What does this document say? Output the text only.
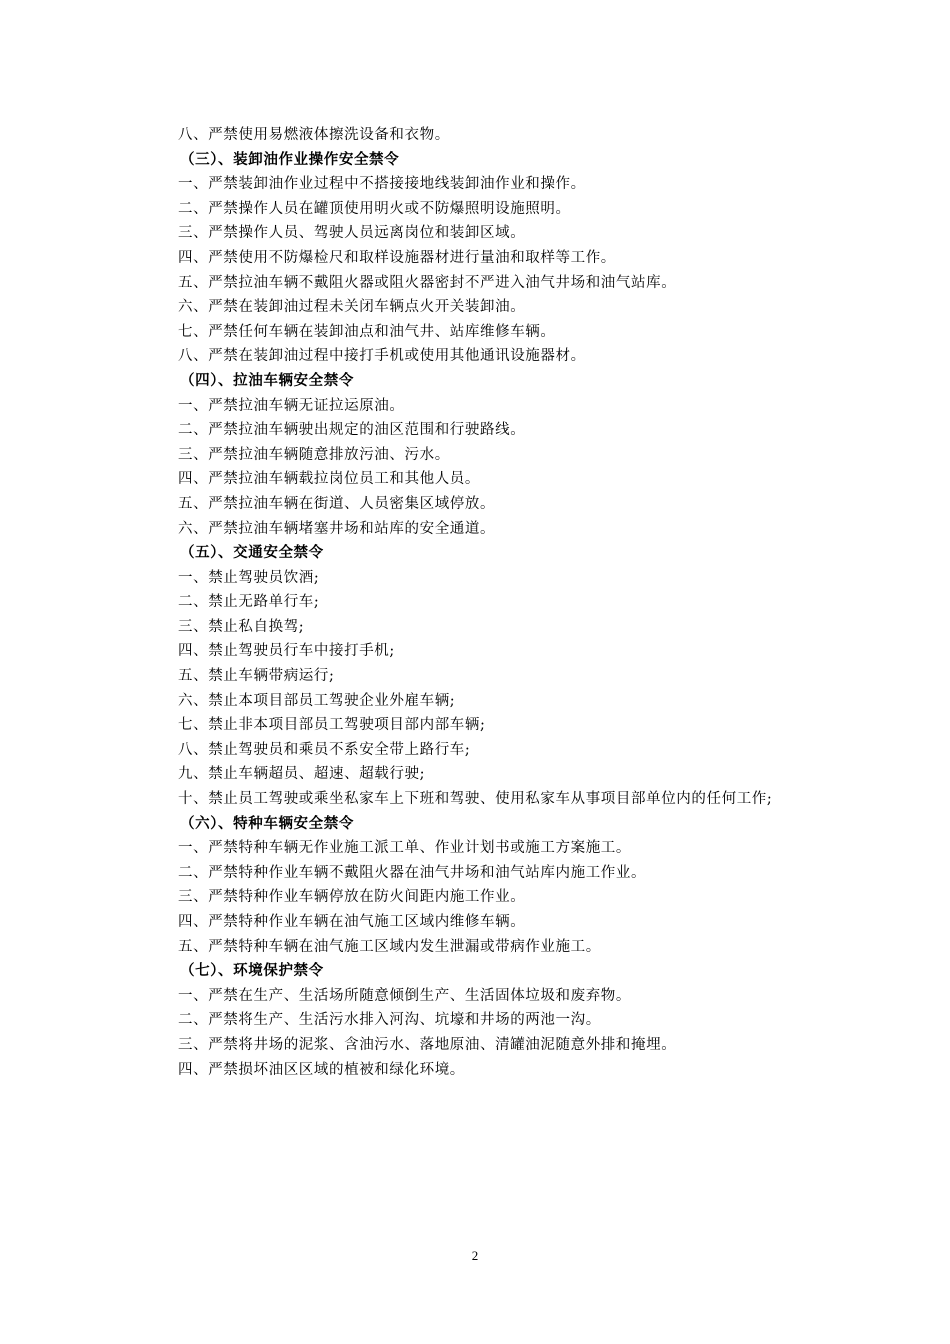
八、严禁使用易燃液体擦洗设备和衣物。
（三）、装卸油作业操作安全禁令
一、严禁装卸油作业过程中不搭接接地线装卸油作业和操作。
二、严禁操作人员在罐顶使用明火或不防爆照明设施照明。
三、严禁操作人员、驾驶人员远离岗位和装卸区域。
四、严禁使用不防爆检尺和取样设施器材进行量油和取样等工作。
五、严禁拉油车辆不戴阻火器或阻火器密封不严进入油气井场和油气站库。
六、严禁在装卸油过程未关闭车辆点火开关装卸油。
七、严禁任何车辆在装卸油点和油气井、站库维修车辆。
八、严禁在装卸油过程中接打手机或使用其他通讯设施器材。
（四）、拉油车辆安全禁令
一、严禁拉油车辆无证拉运原油。
二、严禁拉油车辆驶出规定的油区范围和行驶路线。
三、严禁拉油车辆随意排放污油、污水。
四、严禁拉油车辆载拉岗位员工和其他人员。
五、严禁拉油车辆在街道、人员密集区域停放。
六、严禁拉油车辆堵塞井场和站库的安全通道。
（五）、交通安全禁令
一、禁止驾驶员饮酒;
二、禁止无路单行车;
三、禁止私自换驾;
四、禁止驾驶员行车中接打手机;
五、禁止车辆带病运行;
六、禁止本项目部员工驾驶企业外雇车辆;
七、禁止非本项目部员工驾驶项目部内部车辆;
八、禁止驾驶员和乘员不系安全带上路行车;
九、禁止车辆超员、超速、超载行驶;
十、禁止员工驾驶或乘坐私家车上下班和驾驶、使用私家车从事项目部单位内的任何工作;
（六）、特种车辆安全禁令
一、严禁特种车辆无作业施工派工单、作业计划书或施工方案施工。
二、严禁特种作业车辆不戴阻火器在油气井场和油气站库内施工作业。
三、严禁特种作业车辆停放在防火间距内施工作业。
四、严禁特种作业车辆在油气施工区域内维修车辆。
五、严禁特种车辆在油气施工区域内发生泄漏或带病作业施工。
（七）、环境保护禁令
一、严禁在生产、生活场所随意倾倒生产、生活固体垃圾和废弃物。
二、严禁将生产、生活污水排入河沟、坑壕和井场的两池一沟。
三、严禁将井场的泥浆、含油污水、落地原油、清罐油泥随意外排和掩埋。
四、严禁损坏油区区域的植被和绿化环境。
2
